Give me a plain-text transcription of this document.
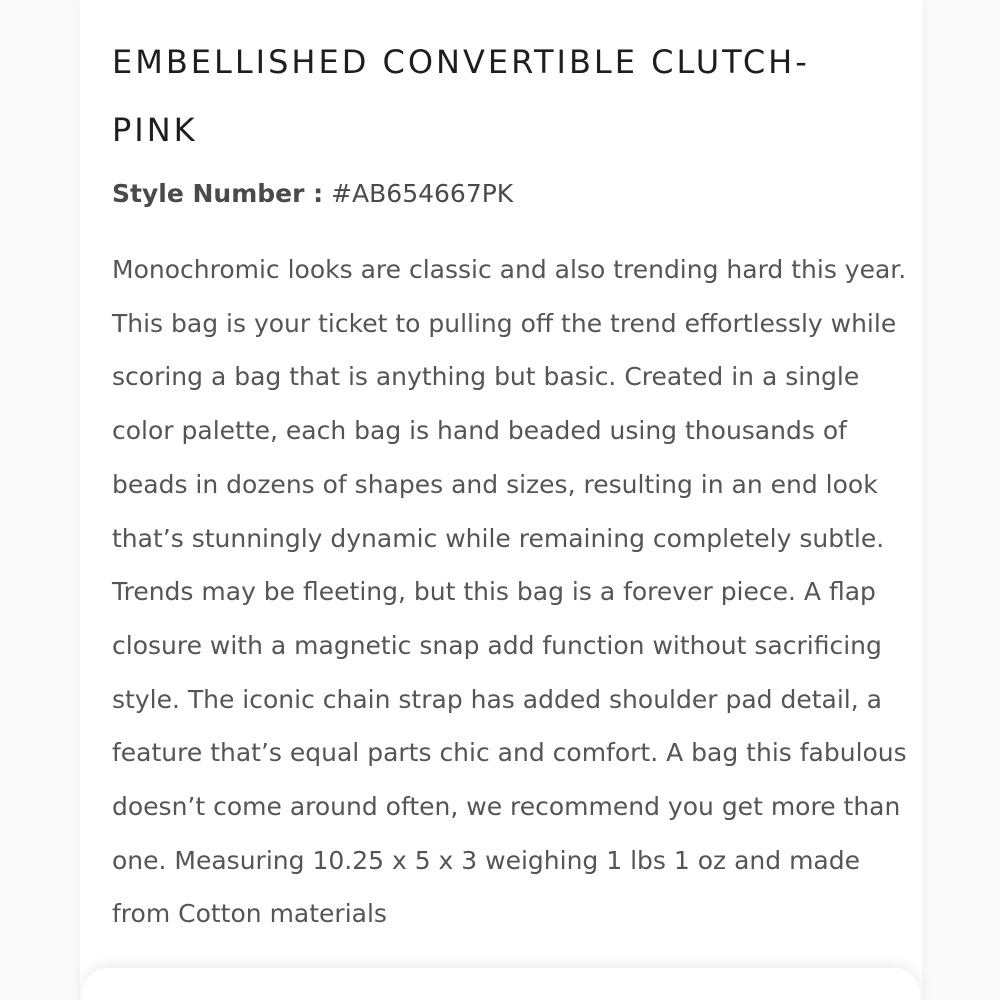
EMBELLISHED CONVERTIBLE CLUTCH-PINK
Style Number : #AB654667PK

Monochromic looks are classic and also trending hard this year. This bag is your ticket to pulling off the trend effortlessly while scoring a bag that is anything but basic. Created in a single color palette, each bag is hand beaded using thousands of beads in dozens of shapes and sizes, resulting in an end look that’s stunningly dynamic while remaining completely subtle. Trends may be fleeting, but this bag is a forever piece. A flap closure with a magnetic snap add function without sacrificing style. The iconic chain strap has added shoulder pad detail, a feature that’s equal parts chic and comfort. A bag this fabulous doesn’t come around often, we recommend you get more than one. Measuring 10.25 x 5 x 3 weighing 1 lbs 1 oz and made from Cotton materials
